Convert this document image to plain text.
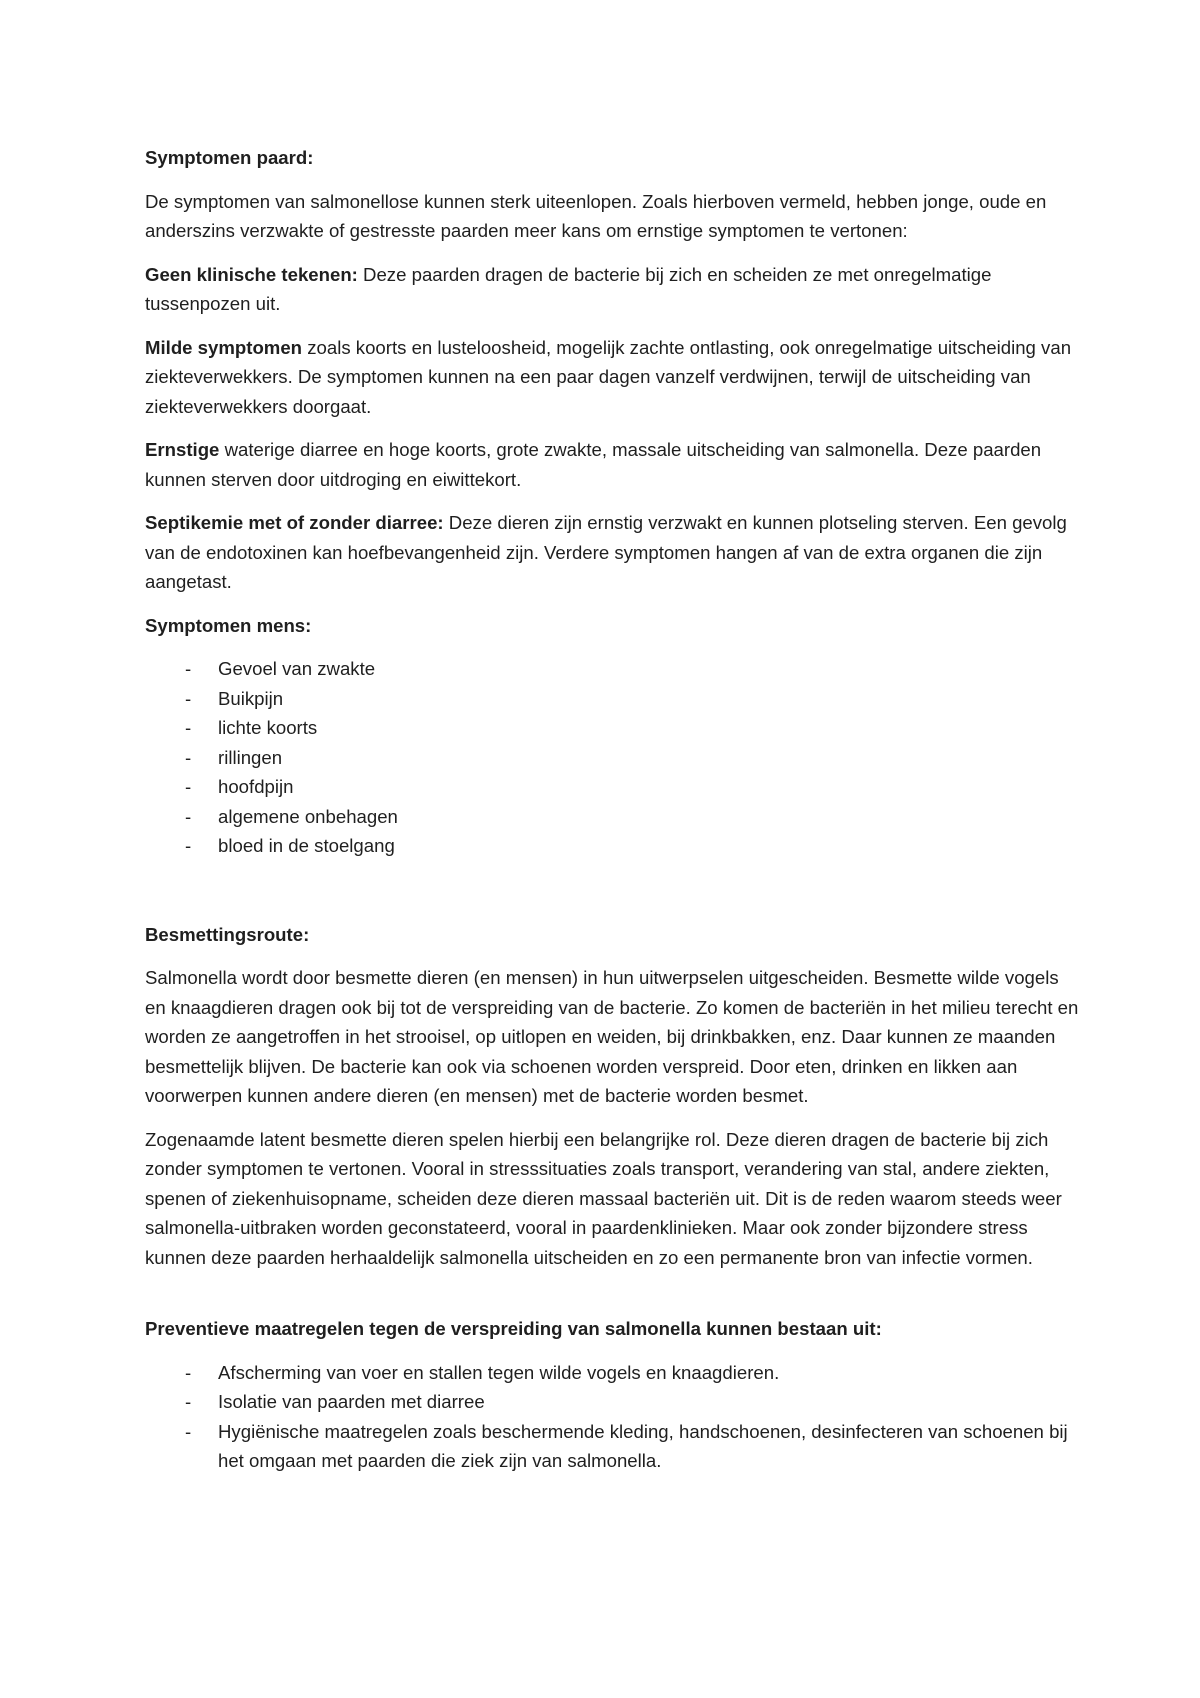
Symptomen paard:

De symptomen van salmonellose kunnen sterk uiteenlopen. Zoals hierboven vermeld, hebben jonge, oude en anderszins verzwakte of gestresste paarden meer kans om ernstige symptomen te vertonen:

Geen klinische tekenen: Deze paarden dragen de bacterie bij zich en scheiden ze met onregelmatige tussenpozen uit.

Milde symptomen zoals koorts en lusteloosheid, mogelijk zachte ontlasting, ook onregelmatige uitscheiding van ziekteverwekkers. De symptomen kunnen na een paar dagen vanzelf verdwijnen, terwijl de uitscheiding van ziekteverwekkers doorgaat.

Ernstige waterige diarree en hoge koorts, grote zwakte, massale uitscheiding van salmonella. Deze paarden kunnen sterven door uitdroging en eiwittekort.

Septikemie met of zonder diarree: Deze dieren zijn ernstig verzwakt en kunnen plotseling sterven. Een gevolg van de endotoxinen kan hoefbevangenheid zijn. Verdere symptomen hangen af van de extra organen die zijn aangetast.

Symptomen mens:

- Gevoel van zwakte
- Buikpijn
- lichte koorts
- rillingen
- hoofdpijn
- algemene onbehagen
- bloed in de stoelgang

Besmettingsroute:

Salmonella wordt door besmette dieren (en mensen) in hun uitwerpselen uitgescheiden. Besmette wilde vogels en knaagdieren dragen ook bij tot de verspreiding van de bacterie. Zo komen de bacteriën in het milieu terecht en worden ze aangetroffen in het strooisel, op uitlopen en weiden, bij drinkbakken, enz. Daar kunnen ze maanden besmettelijk blijven. De bacterie kan ook via schoenen worden verspreid. Door eten, drinken en likken aan voorwerpen kunnen andere dieren (en mensen) met de bacterie worden besmet.

Zogenaamde latent besmette dieren spelen hierbij een belangrijke rol. Deze dieren dragen de bacterie bij zich zonder symptomen te vertonen. Vooral in stresssituaties zoals transport, verandering van stal, andere ziekten, spenen of ziekenhuisopname, scheiden deze dieren massaal bacteriën uit. Dit is de reden waarom steeds weer salmonella-uitbraken worden geconstateerd, vooral in paardenklinieken. Maar ook zonder bijzondere stress kunnen deze paarden herhaaldelijk salmonella uitscheiden en zo een permanente bron van infectie vormen.

Preventieve maatregelen tegen de verspreiding van salmonella kunnen bestaan uit:

- Afscherming van voer en stallen tegen wilde vogels en knaagdieren.
- Isolatie van paarden met diarree
- Hygiënische maatregelen zoals beschermende kleding, handschoenen, desinfecteren van schoenen bij het omgaan met paarden die ziek zijn van salmonella.
